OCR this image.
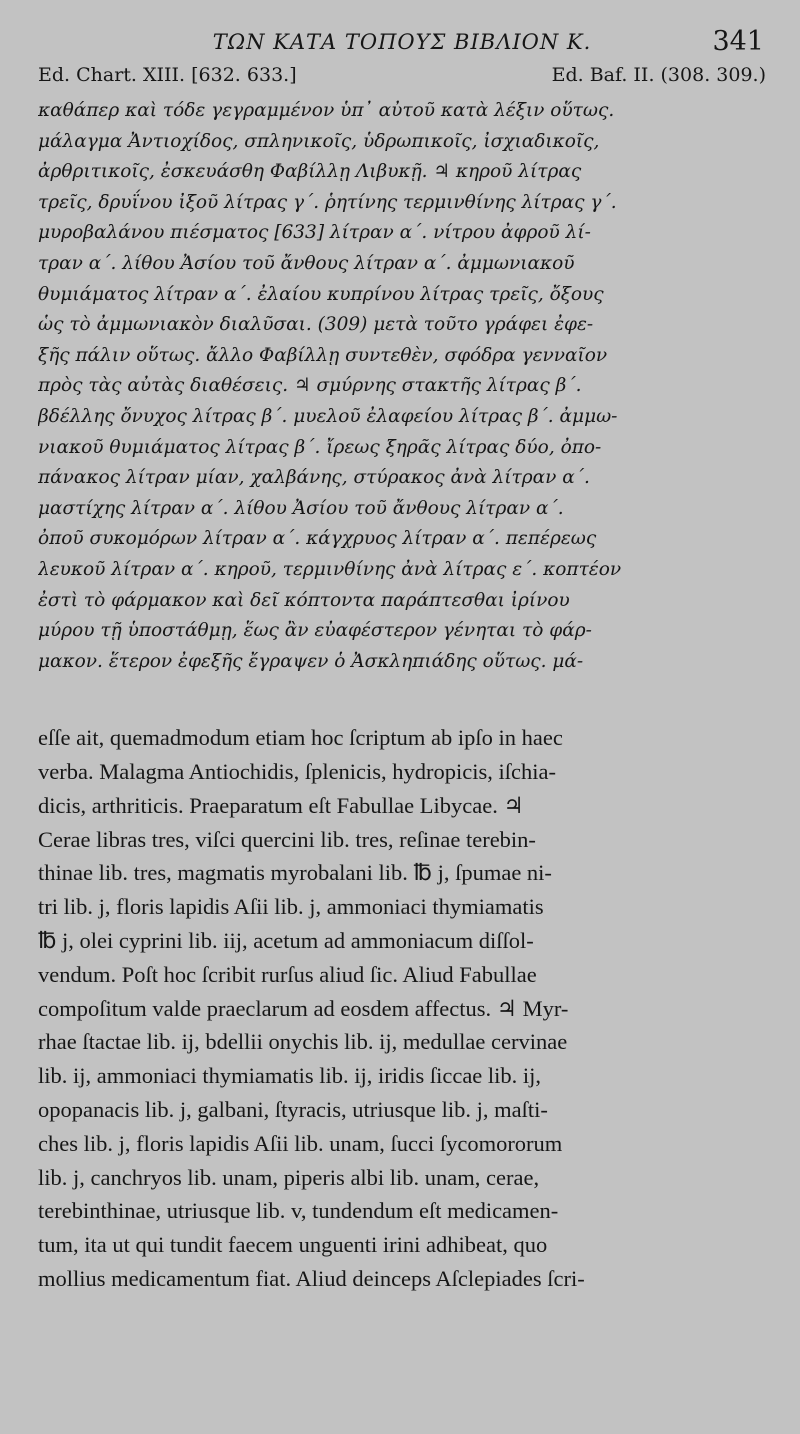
ΤΩΝ ΚΑΤΑ ΤΟΠΟΥΣ ΒΙΒΛΙΟΝ Κ.	341
Ed. Chart. XIII. [632. 633.]	Ed. Baf. II. (308. 309.)
καθάπερ καὶ τόδε γεγραμμένον ὑπ᾽ αὐτοῦ κατὰ λέξιν οὕτως.
μάλαγμα Ἀντιοχίδος, σπληνικοῖς, ὑδρωπικοῖς, ἰσχιαδικοῖς,
ἀρθριτικοῖς, ἐσκευάσθη Φαβίλλῃ Λιβυκῇ. ♃ κηροῦ λίτρας
τρεῖς, δρυΐνου ἰξοῦ λίτρας γ΄. ῥητίνης τερμινθίνης λίτρας γ΄.
μυροβαλάνου πιέσματος [633] λίτραν α΄. νίτρου ἀφροῦ λί-
τραν α΄. λίθου Ἀσίου τοῦ ἄνθους λίτραν α΄. ἀμμωνιακοῦ
θυμιάματος λίτραν α΄. ἐλαίου κυπρίνου λίτρας τρεῖς, ὄξους
ὡς τὸ ἀμμωνιακὸν διαλῦσαι. (309) μετὰ τοῦτο γράφει ἐφε-
ξῆς πάλιν οὕτως. ἄλλο Φαβίλλῃ συντεθὲν, σφόδρα γενναῖον
πρὸς τὰς αὐτὰς διαθέσεις. ♃ σμύρνης στακτῆς λίτρας β΄.
βδέλλης ὄνυχος λίτρας β΄. μυελοῦ ἐλαφείου λίτρας β΄. ἀμμω-
νιακοῦ θυμιάματος λίτρας β΄. ἴρεως ξηρᾶς λίτρας δύο, ὀπο-
πάνακος λίτραν μίαν, χαλβάνης, στύρακος ἀνὰ λίτραν α΄.
μαστίχης λίτραν α΄. λίθου Ἀσίου τοῦ ἄνθους λίτραν α΄.
ὀποῦ συκομόρων λίτραν α΄. κάγχρυος λίτραν α΄. πεπέρεως
λευκοῦ λίτραν α΄. κηροῦ, τερμινθίνης ἀνὰ λίτρας ε΄. κοπτέον
ἐστὶ τὸ φάρμακον καὶ δεῖ κόπτοντα παράπτεσθαι ἰρίνου
μύρου τῇ ὑποστάθμῃ, ἕως ἂν εὐαφέστερον γένηται τὸ φάρ-
μακον. ἕτερον ἐφεξῆς ἔγραψεν ὁ Ἀσκληπιάδης οὕτως. μά-
eſſe ait, quemadmodum etiam hoc ſcriptum ab ipſo in haec
verba. Malagma Antiochidis, ſplenicis, hydropicis, iſchia-
dicis, arthriticis. Praeparatum eſt Fabullae Libycae. ♃
Cerae libras tres, viſci quercini lib. tres, reſinae terebin-
thinae lib. tres, magmatis myrobalani lib. ℔ j, ſpumae ni-
tri lib. j, floris lapidis Aſii lib. j, ammoniaci thymiamatis
℔ j, olei cyprini lib. iij, acetum ad ammoniacum diſſol-
vendum. Poſt hoc ſcribit rurſus aliud ſic. Aliud Fabullae
compoſitum valde praeclarum ad eosdem affectus. ♃ Myr-
rhae ſtactae lib. ij, bdellii onychis lib. ij, medullae cervinae
lib. ij, ammoniaci thymiamatis lib. ij, iridis ſiccae lib. ij,
opopanacis lib. j, galbani, ſtyracis, utriusque lib. j, maſti-
ches lib. j, floris lapidis Aſii lib. unam, ſucci ſycomororum
lib. j, canchryos lib. unam, piperis albi lib. unam, cerae,
terebinthinae, utriusque lib. v, tundendum eſt medicamen-
tum, ita ut qui tundit faecem unguenti irini adhibeat, quo
mollius medicamentum fiat. Aliud deinceps Aſclepiades ſcri-
